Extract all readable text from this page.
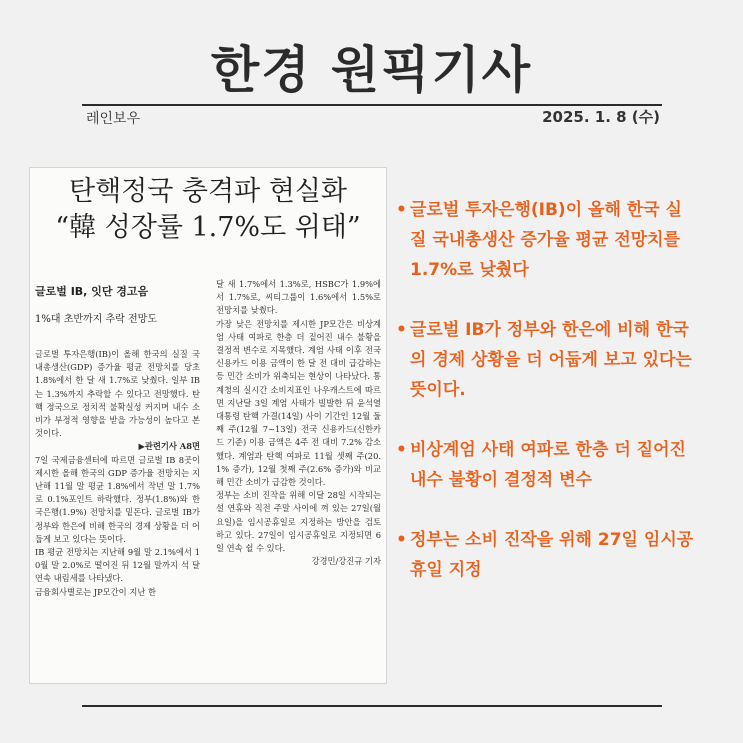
한경 원픽기사
레인보우	2025. 1. 8 (수)
탄핵정국 충격파 현실화
“韓 성장률 1.7%도 위태”
글로벌 IB, 잇단 경고음
1%대 초반까지 추락 전망도

글로벌 투자은행(IB)이 올해 한국의 실질 국내총생산(GDP) 증가율 평균 전망치를 당초 1.8%에서 한 달 새 1.7%로 낮췄다. 일부 IB는 1.3%까지 추락할 수 있다고 전망했다. 탄핵 정국으로 정치적 불확실성 커지며 내수 소비가 부정적 영향을 받을 가능성이 높다고 본 것이다.

▶관련기사 A8면

7일 국제금융센터에 따르면 글로벌 IB 8곳이 제시한 올해 한국의 GDP 증가율 전망치는 지난해 11월 말 평균 1.8%에서 작년 말 1.7%로 0.1%포인트 하락했다. 정부(1.8%)와 한국은행(1.9%) 전망치를 밑돈다. 글로벌 IB가 정부와 한은에 비해 한국의 경제 상황을 더 어둡게 보고 있다는 뜻이다.

IB 평균 전망치는 지난해 9월 말 2.1%에서 10월 말 2.0%로 떨어진 뒤 12월 말까지 석 달 연속 내림세를 나타냈다.

금융회사별로는 JP모간이 지난 한

달 새 1.7%에서 1.3%로, HSBC가 1.9%에서 1.7%로, 씨티그룹이 1.6%에서 1.5%로 전망치를 낮췄다.

가장 낮은 전망치를 제시한 JP모간은 비상계엄 사태 여파로 한층 더 짙어진 내수 불황을 결정적 변수로 지목했다. 계엄 사태 이후 전국 신용카드 이용 금액이 한 달 전 대비 급감하는 등 민간 소비가 위축되는 현상이 나타났다. 통계청의 실시간 소비지표인 나우캐스트에 따르면 지난달 3일 계엄 사태가 빌발한 뒤 윤석열 대통령 탄핵 가결(14일) 사이 기간인 12월 둘째 주(12월 7~13일) 전국 신용카드(신한카드 기준) 이용 금액은 4주 전 대비 7.2% 감소했다. 계엄과 탄핵 여파로 11월 셋째 주(20.1% 증가), 12월 첫째 주(2.6% 증가)와 비교해 민간 소비가 급감한 것이다.

정부는 소비 진작을 위해 이달 28일 시작되는 설 연휴와 직전 주말 사이에 껴 있는 27일(월요일)을 임시공휴일로 지정하는 방안을 검토하고 있다. 27일이 임시공휴일로 지정되면 6일 연속 쉴 수 있다.

강경민/강진규 기자

• 글로벌 투자은행(IB)이 올해 한국 실질 국내총생산 증가율 평균 전망치를 1.7%로 낮췄다
• 글로벌 IB가 정부와 한은에 비해 한국의 경제 상황을 더 어둡게 보고 있다는 뜻이다.
• 비상계엄 사태 여파로 한층 더 짙어진 내수 불황이 결정적 변수
• 정부는 소비 진작을 위해 27일 임시공휴일 지정
